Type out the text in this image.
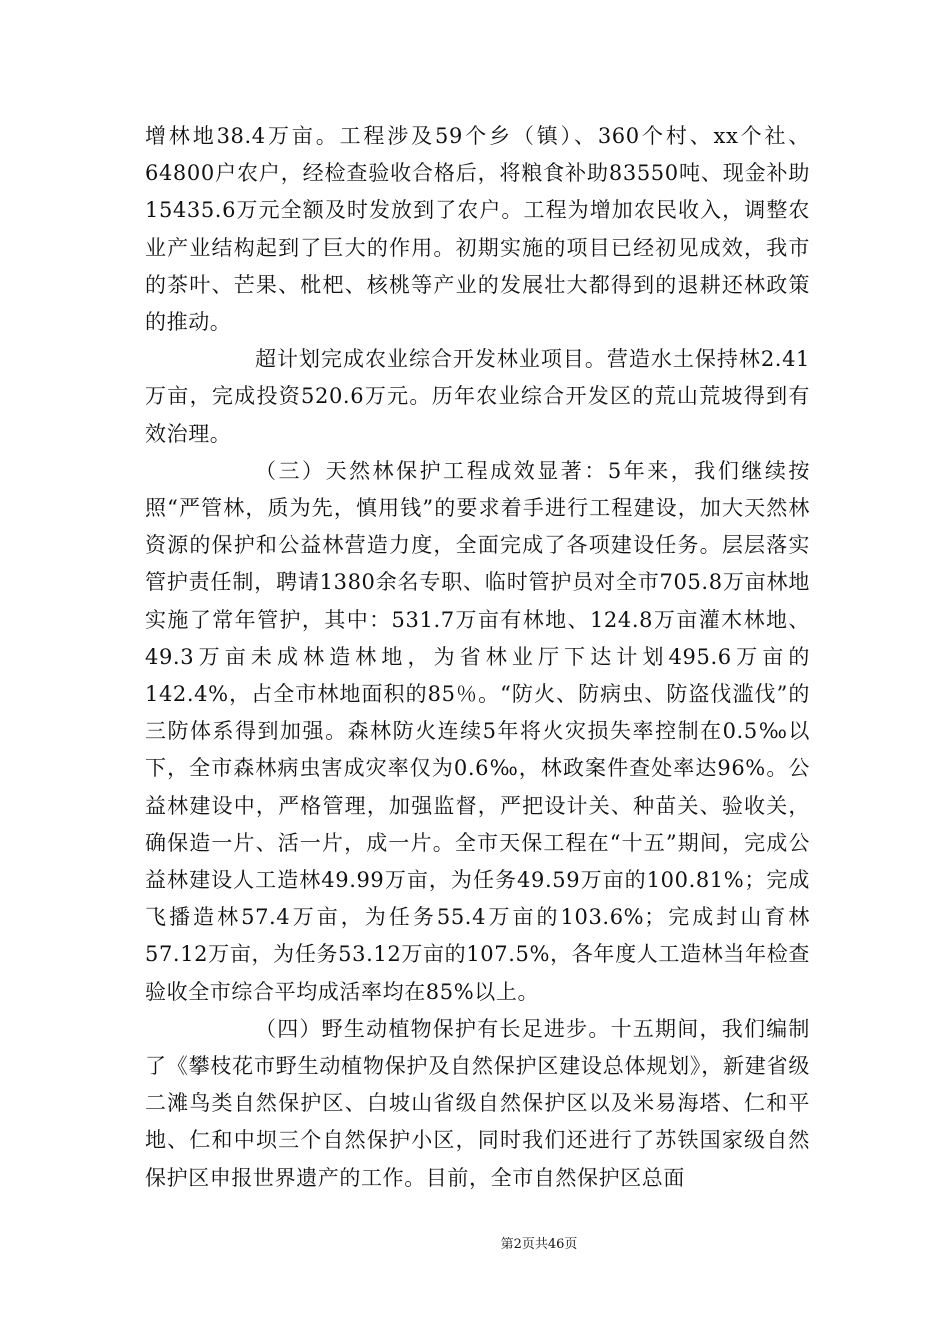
增林地38.4万亩。工程涉及59个乡（镇）、360个村、xx个社、64800户农户，经检查验收合格后，将粮食补助83550吨、现金补助15435.6万元全额及时发放到了农户。工程为增加农民收入，调整农业产业结构起到了巨大的作用。初期实施的项目已经初见成效，我市的茶叶、芒果、枇杷、核桃等产业的发展壮大都得到的退耕还林政策的推动。

超计划完成农业综合开发林业项目。营造水土保持林2.41万亩，完成投资520.6万元。历年农业综合开发区的荒山荒坡得到有效治理。

（三）天然林保护工程成效显著：5年来，我们继续按照“严管林，质为先，慎用钱”的要求着手进行工程建设，加大天然林资源的保护和公益林营造力度，全面完成了各项建设任务。层层落实管护责任制，聘请1380余名专职、临时管护员对全市705.8万亩林地实施了常年管护，其中：531.7万亩有林地、124.8万亩灌木林地、49.3万亩未成林造林地，为省林业厅下达计划495.6万亩的142.4%，占全市林地面积的85％。“防火、防病虫、防盗伐滥伐”的三防体系得到加强。森林防火连续5年将火灾损失率控制在0.5‰以下，全市森林病虫害成灾率仅为0.6‰，林政案件查处率达96%。公益林建设中，严格管理，加强监督，严把设计关、种苗关、验收关，确保造一片、活一片，成一片。全市天保工程在“十五”期间，完成公益林建设人工造林49.99万亩，为任务49.59万亩的100.81%；完成飞播造林57.4万亩，为任务55.4万亩的103.6%；完成封山育林57.12万亩，为任务53.12万亩的107.5%，各年度人工造林当年检查验收全市综合平均成活率均在85%以上。

（四）野生动植物保护有长足进步。十五期间，我们编制了《攀枝花市野生动植物保护及自然保护区建设总体规划》，新建省级二滩鸟类自然保护区、白坡山省级自然保护区以及米易海塔、仁和平地、仁和中坝三个自然保护小区，同时我们还进行了苏铁国家级自然保护区申报世界遗产的工作。目前，全市自然保护区总面

第2页共46页
